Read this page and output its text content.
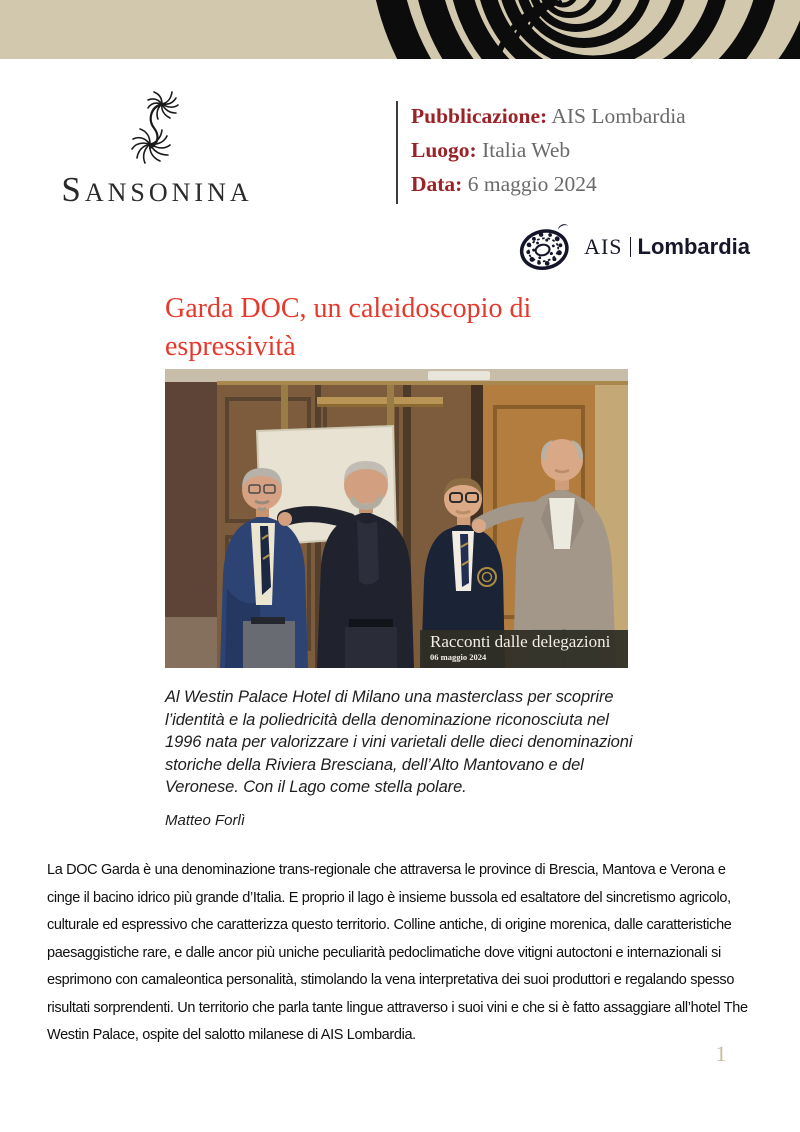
SANSONINA
Pubblicazione: AIS Lombardia
Luogo: Italia Web
Data: 6 maggio 2024
AIS Lombardia
Garda DOC, un caleidoscopio di espressività
Racconti dalle delegazioni
06 maggio 2024
Al Westin Palace Hotel di Milano una masterclass per scoprire l’identità e la poliedricità della denominazione riconosciuta nel 1996 nata per valorizzare i vini varietali delle dieci denominazioni storiche della Riviera Bresciana, dell’Alto Mantovano e del Veronese. Con il Lago come stella polare.
Matteo Forlì
La DOC Garda è una denominazione trans-regionale che attraversa le province di Brescia, Mantova e Verona e cinge il bacino idrico più grande d’Italia. E proprio il lago è insieme bussola ed esaltatore del sincretismo agricolo, culturale ed espressivo che caratterizza questo territorio. Colline antiche, di origine morenica, dalle caratteristiche paesaggistiche rare, e dalle ancor più uniche peculiarità pedoclimatiche dove vitigni autoctoni e internazionali si esprimono con camaleontica personalità, stimolando la vena interpretativa dei suoi produttori e regalando spesso risultati sorprendenti. Un territorio che parla tante lingue attraverso i suoi vini e che si è fatto assaggiare all’hotel The Westin Palace, ospite del salotto milanese di AIS Lombardia.
1
